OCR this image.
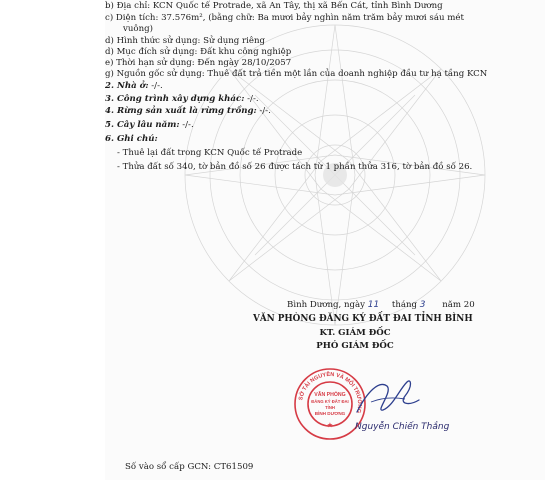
b) Địa chỉ: KCN Quốc tế Protrade, xã An Tây, thị xã Bến Cát, tỉnh Bình Dương
c) Diện tích: 37.576m², (bằng chữ: Ba mươi bảy nghìn năm trăm bảy mươi sáu mét
vuông)
d) Hình thức sử dụng: Sử dụng riêng
d) Mục đích sử dụng: Đất khu công nghiệp
e) Thời hạn sử dụng: Đến ngày 28/10/2057
g) Nguồn gốc sử dụng: Thuê đất trả tiền một lần của doanh nghiệp đầu tư hạ tầng KCN
2. Nhà ở: -/-.
3. Công trình xây dựng khác: -/-.
4. Rừng sản xuất là rừng trồng: -/-.
5. Cây lâu năm: -/-.
6. Ghi chú:
- Thuê lại đất trong KCN Quốc tế Protrade
- Thửa đất số 340, tờ bản đồ số 26 được tách từ 1 phần thửa 316, tờ bản đồ số 26.
Bình Dương, ngày 11 tháng 3 năm 20
VĂN PHÒNG ĐĂNG KÝ ĐẤT ĐAI TỈNH BÌNH
KT. GIÁM ĐỐC
PHÓ GIÁM ĐỐC
SỞ TÀI NGUYÊN VÀ MÔI TRƯỜNG
VĂN PHÒNG
ĐĂNG KÝ ĐẤT ĐAI
TỈNH
BÌNH DƯƠNG
★ Nguyễn Chiến Thắng
Số vào sổ cấp GCN: CT61509
